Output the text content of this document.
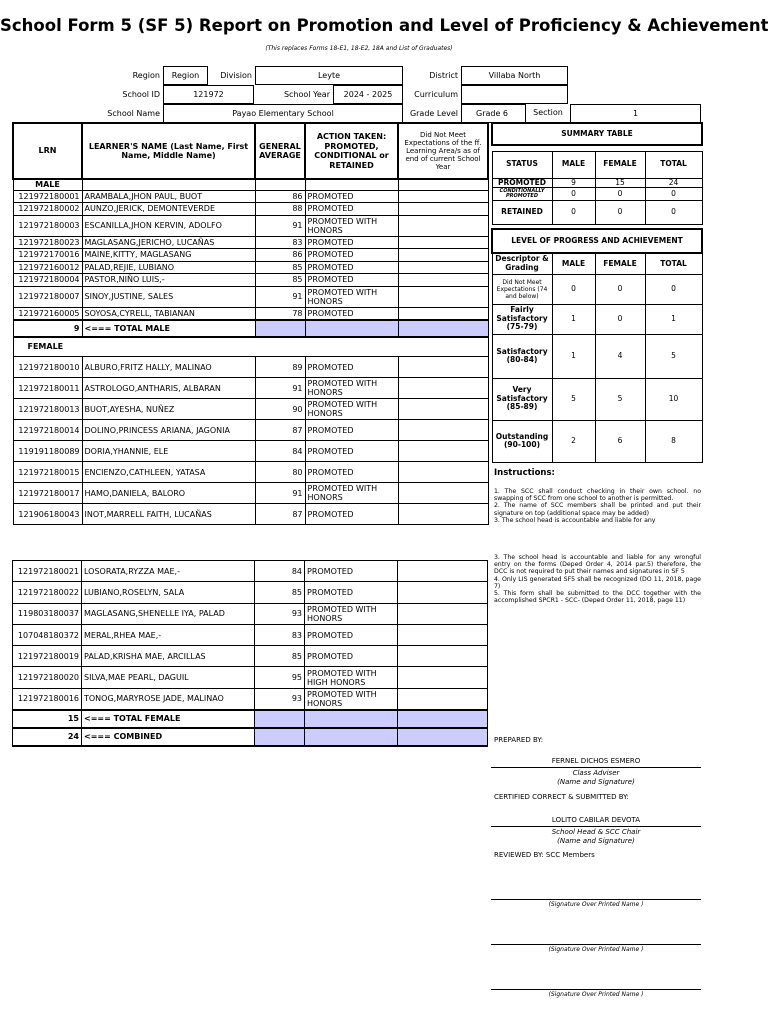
School Form 5 (SF 5) Report on Promotion and Level of Proficiency & Achievement
(This replaces Forms 18-E1, 18-E2, 18A and List of Graduates)
Region	Region	Division	Leyte	District	Villaba North
School ID	121972	School Year	2024 - 2025	Curriculum
School Name	Payao Elementary School	Grade Level	Grade 6	Section	1
LRN	LEARNER'S NAME (Last Name, First Name, Middle Name)	GENERAL AVERAGE	ACTION TAKEN: PROMOTED, CONDITIONAL or RETAINED	Did Not Meet Expectations of the ff. Learning Area/s as of end of current School Year
MALE				
121972180001	ARAMBALA,JHON PAUL, BUOT	86	PROMOTED	
121972180002	AUNZO,JERICK, DEMONTEVERDE	88	PROMOTED	
121972180003	ESCANILLA,JHON KERVIN, ADOLFO	91	PROMOTED WITH HONORS	
121972180023	MAGLASANG,JERICHO, LUCAÑAS	83	PROMOTED	
121972170016	MAINE,KITTY, MAGLASANG	86	PROMOTED	
121972160012	PALAD,REJIE, LUBIANO	85	PROMOTED	
121972180004	PASTOR,NIÑO LUIS,-	85	PROMOTED	
121972180007	SINOY,JUSTINE, SALES	91	PROMOTED WITH HONORS	
121972160005	SOYOSA,CYRELL, TABIANAN	78	PROMOTED	
9	<=== TOTAL MALE			
FEMALE				
121972180010	ALBURO,FRITZ HALLY, MALINAO	89	PROMOTED	
121972180011	ASTROLOGO,ANTHARIS, ALBARAN	91	PROMOTED WITH HONORS	
121972180013	BUOT,AYESHA, NUÑEZ	90	PROMOTED WITH HONORS	
121972180014	DOLINO,PRINCESS ARIANA, JAGONIA	87	PROMOTED	
119191180089	DORIA,YHANNIE, ELE	84	PROMOTED	
121972180015	ENCIENZO,CATHLEEN, YATASA	80	PROMOTED	
121972180017	HAMO,DANIELA, BALORO	91	PROMOTED WITH HONORS	
121906180043	INOT,MARRELL FAITH, LUCAÑAS	87	PROMOTED	
121972180021	LOSORATA,RYZZA MAE,-	84	PROMOTED	
121972180022	LUBIANO,ROSELYN, SALA	85	PROMOTED	
119803180037	MAGLASANG,SHENELLE IYA, PALAD	93	PROMOTED WITH HONORS	
107048180372	MERAL,RHEA MAE,-	83	PROMOTED	
121972180019	PALAD,KRISHA MAE, ARCILLAS	85	PROMOTED	
121972180020	SILVA,MAE PEARL, DAGUIL	95	PROMOTED WITH HIGH HONORS	
121972180016	TONOG,MARYROSE JADE, MALINAO	93	PROMOTED WITH HONORS	
15	<=== TOTAL FEMALE			
24	<=== COMBINED			
SUMMARY TABLE			

STATUS	MALE	FEMALE	TOTAL
PROMOTED	9	15	24
CONDITIONALLY PROMOTED	0	0	0
RETAINED	0	0	0
LEVEL OF PROGRESS AND ACHIEVEMENT			
Descriptor & Grading	MALE	FEMALE	TOTAL
Did Not Meet Expectations (74 and below)	0	0	0
Fairly Satisfactory (75-79)	1	0	1
Satisfactory (80-84)	1	4	5
Very Satisfactory (85-89)	5	5	10
Outstanding (90-100)	2	6	8
Instructions:
1. The SCC shall conduct checking in their own school. no swapping of SCC from one school to another is permitted.
2. The name of SCC members shall be printed and put their signature on top (additional space may be added)
3. The school head is accountable and liable for any
3. The school head is accountable and liable for any wrongful entry on the forms (Deped Order 4, 2014 par.5) therefore, the DCC is not required to put their names and signatures in SF 5
4. Only LIS generated SF5 shall be recognized (DO 11, 2018, page 7)
5. This form shall be submitted to the DCC together with the accomplished SPCR1 - SCC- (Deped Order 11, 2018, page 11)
PREPARED BY:
FERNEL DICHOS ESMERO
Class Adviser
(Name and Signature)
CERTIFIED CORRECT & SUBMITTED BY:
LOLITO CABILAR DEVOTA
School Head & SCC Chair
(Name and Signature)
REVIEWED BY: SCC Members
(Signature Over Printed Name )
(Signature Over Printed Name )
(Signature Over Printed Name )
